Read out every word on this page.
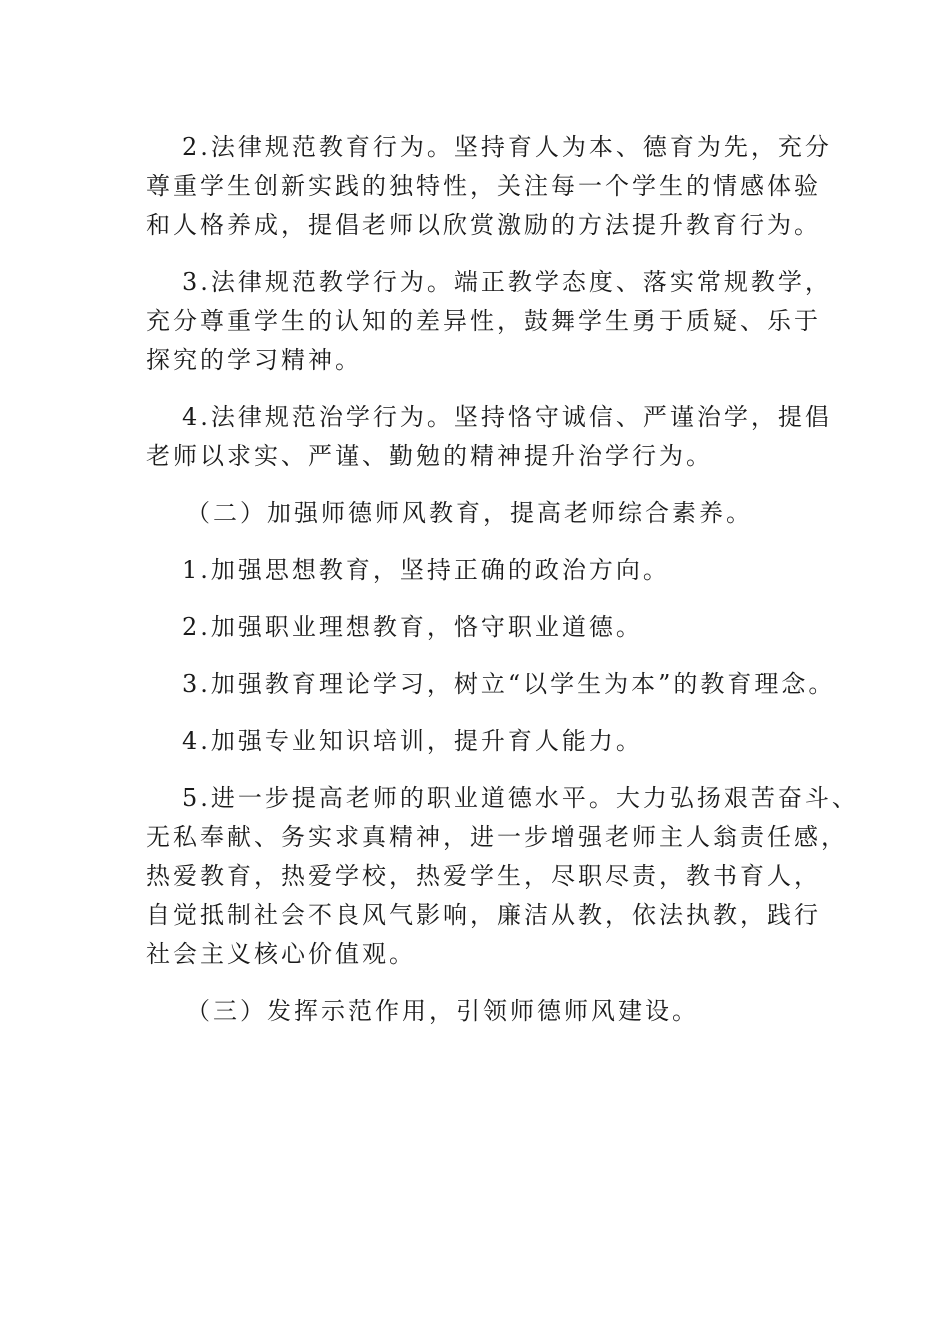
2.法律规范教育行为。坚持育人为本、德育为先，充分
尊重学生创新实践的独特性，关注每一个学生的情感体验
和人格养成，提倡老师以欣赏激励的方法提升教育行为。
3.法律规范教学行为。端正教学态度、落实常规教学，
充分尊重学生的认知的差异性，鼓舞学生勇于质疑、乐于
探究的学习精神。
4.法律规范治学行为。坚持恪守诚信、严谨治学，提倡
老师以求实、严谨、勤勉的精神提升治学行为。
（二）加强师德师风教育，提高老师综合素养。
1.加强思想教育，坚持正确的政治方向。
2.加强职业理想教育，恪守职业道德。
3.加强教育理论学习，树立“以学生为本”的教育理念。
4.加强专业知识培训，提升育人能力。
5.进一步提高老师的职业道德水平。大力弘扬艰苦奋斗、
无私奉献、务实求真精神，进一步增强老师主人翁责任感，
热爱教育，热爱学校，热爱学生，尽职尽责，教书育人，
自觉抵制社会不良风气影响，廉洁从教，依法执教，践行
社会主义核心价值观。
（三）发挥示范作用，引领师德师风建设。
